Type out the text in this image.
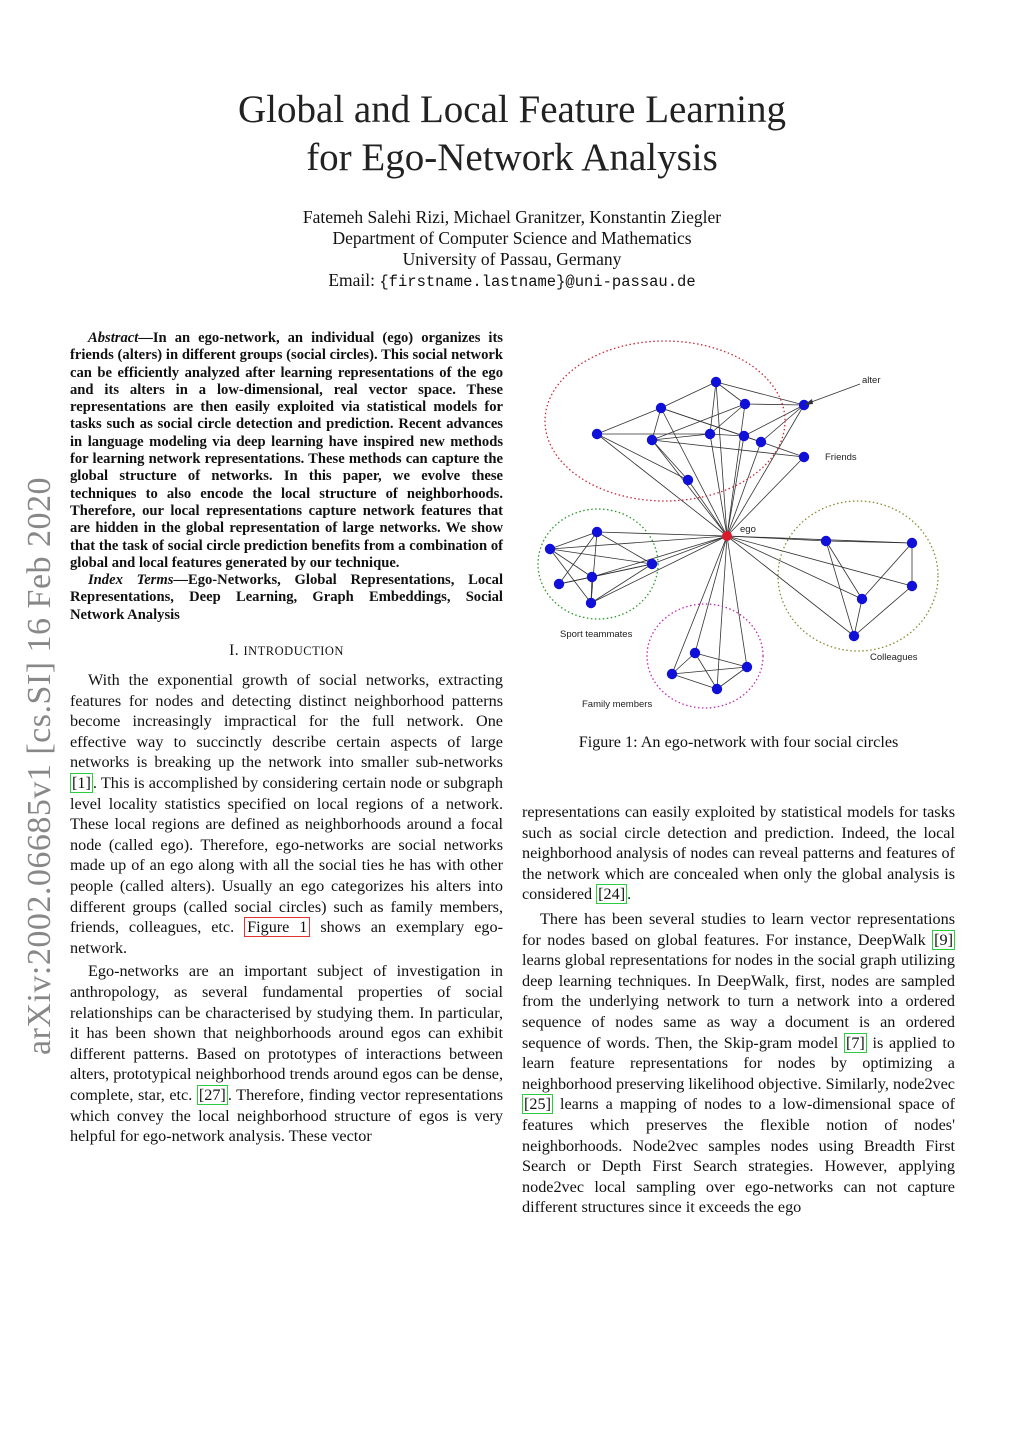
Global and Local Feature Learning
for Ego-Network Analysis
Fatemeh Salehi Rizi, Michael Granitzer, Konstantin Ziegler
Department of Computer Science and Mathematics
University of Passau, Germany
Email: {firstname.lastname}@uni-passau.de
arXiv:2002.06685v1 [cs.SI] 16 Feb 2020

Abstract—In an ego-network, an individual (ego) organizes its friends (alters) in different groups (social circles). This social network can be efficiently analyzed after learning representations of the ego and its alters in a low-dimensional, real vector space. These representations are then easily exploited via statistical models for tasks such as social circle detection and prediction. Recent advances in language modeling via deep learning have inspired new methods for learning network representations. These methods can capture the global structure of networks. In this paper, we evolve these techniques to also encode the local structure of neighborhoods. Therefore, our local representations capture network features that are hidden in the global representation of large networks. We show that the task of social circle prediction benefits from a combination of global and local features generated by our technique.

Index Terms—Ego-Networks, Global Representations, Local Representations, Deep Learning, Graph Embeddings, Social Network Analysis

I. INTRODUCTION

With the exponential growth of social networks, extracting features for nodes and detecting distinct neighborhood patterns become increasingly impractical for the full network. One effective way to succinctly describe certain aspects of large networks is breaking up the network into smaller sub-networks [1] . This is accomplished by considering certain node or subgraph level locality statistics specified on local regions of a network. These local regions are defined as neighborhoods around a focal node (called ego). Therefore, ego-networks are social networks made up of an ego along with all the social ties he has with other people (called alters). Usually an ego categorizes his alters into different groups (called social circles) such as family members, friends, colleagues, etc. Figure 1 shows an exemplary ego-network.

Ego-networks are an important subject of investigation in anthropology, as several fundamental properties of social relationships can be characterised by studying them. In particular, it has been shown that neighborhoods around egos can exhibit different patterns. Based on prototypes of interactions between alters, prototypical neighborhood trends around egos can be dense, complete, star, etc. [27] . Therefore, finding vector representations which convey the local neighborhood structure of egos is very helpful for ego-network analysis. These vector

alter
Friends
ego
Sport teammates
Colleagues
Family members
Figure 1: An ego-network with four social circles

representations can easily exploited by statistical models for tasks such as social circle detection and prediction. Indeed, the local neighborhood analysis of nodes can reveal patterns and features of the network which are concealed when only the global analysis is considered [24] .

There has been several studies to learn vector representations for nodes based on global features. For instance, DeepWalk [9] learns global representations for nodes in the social graph utilizing deep learning techniques. In DeepWalk, first, nodes are sampled from the underlying network to turn a network into a ordered sequence of nodes same as way a document is an ordered sequence of words. Then, the Skip-gram model [7] is applied to learn feature representations for nodes by optimizing a neighborhood preserving likelihood objective. Similarly, node2vec [25] learns a mapping of nodes to a low-dimensional space of features which preserves the flexible notion of nodes' neighborhoods. Node2vec samples nodes using Breadth First Search or Depth First Search strategies. However, applying node2vec local sampling over ego-networks can not capture different structures since it exceeds the ego
